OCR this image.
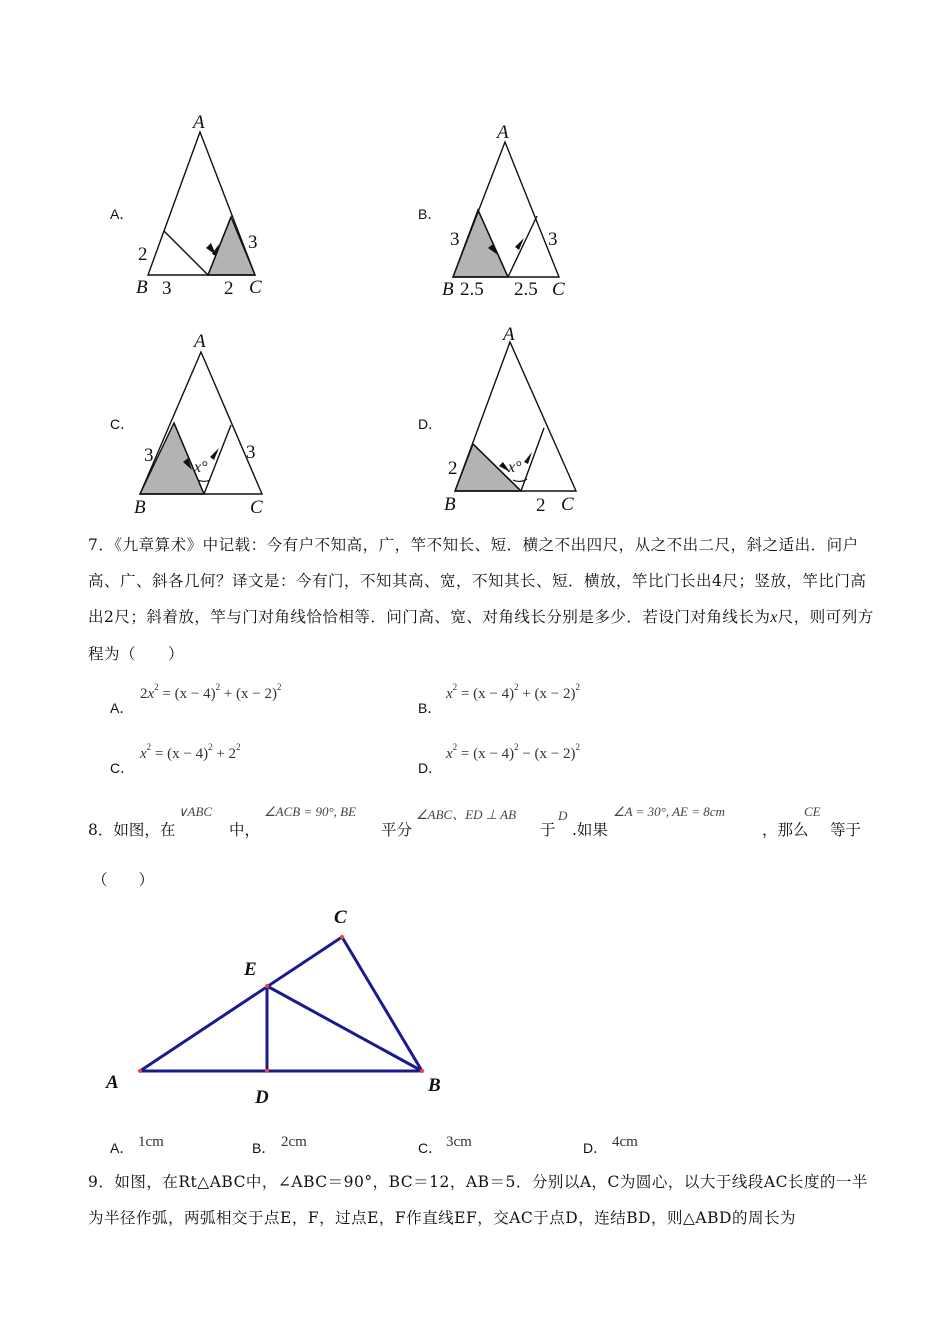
A．
A
B	C
2
3	2
3
B．
A
B	C
3
2.5 2.5
3
C．
A
B	C
3
x°
3
D．
A
B	C
2	x°
2
7．《九章算术》中记载：今有户不知高，广，竿不知长、短．横之不出四尺，从之不出二尺，斜之适出．问户高、广、斜各几何？译文是：今有门，不知其高、宽，不知其长、短．横放，竿比门长出4尺；竖放，竿比门高出2尺；斜着放，竿与门对角线恰恰相等．问门高、宽、对角线长分别是多少．若设门对角线长为x尺，则可列方程为（　　）
A．
$2x^2 = (x - 4)^2 + (x - 2)^2$
B．
$x^2 = (x - 4)^2 + (x - 2)^2$
C．
$x^2 = (x - 4)^2 + 2^2$
D．
$x^2 = (x - 4)^2 - (x - 2)^2$
8．如图，在
∨ABC
中，
∠ACB = 90°, BE
平分
∠ABC、ED ⊥ AB
于
D
.如果
∠A = 30°, AE = 8cm
，那么
CE
等于
（　　）
A
C
E
D
B
A． 1cm	B． 2cm	C． 3cm	D． 4cm
9．如图，在Rt△ABC中，∠ABC＝90°，BC＝12，AB＝5．分别以A，C为圆心，以大于线段AC长度的一半为半径作弧，两弧相交于点E，F，过点E，F作直线EF，交AC于点D，连结BD，则△ABD的周长为
